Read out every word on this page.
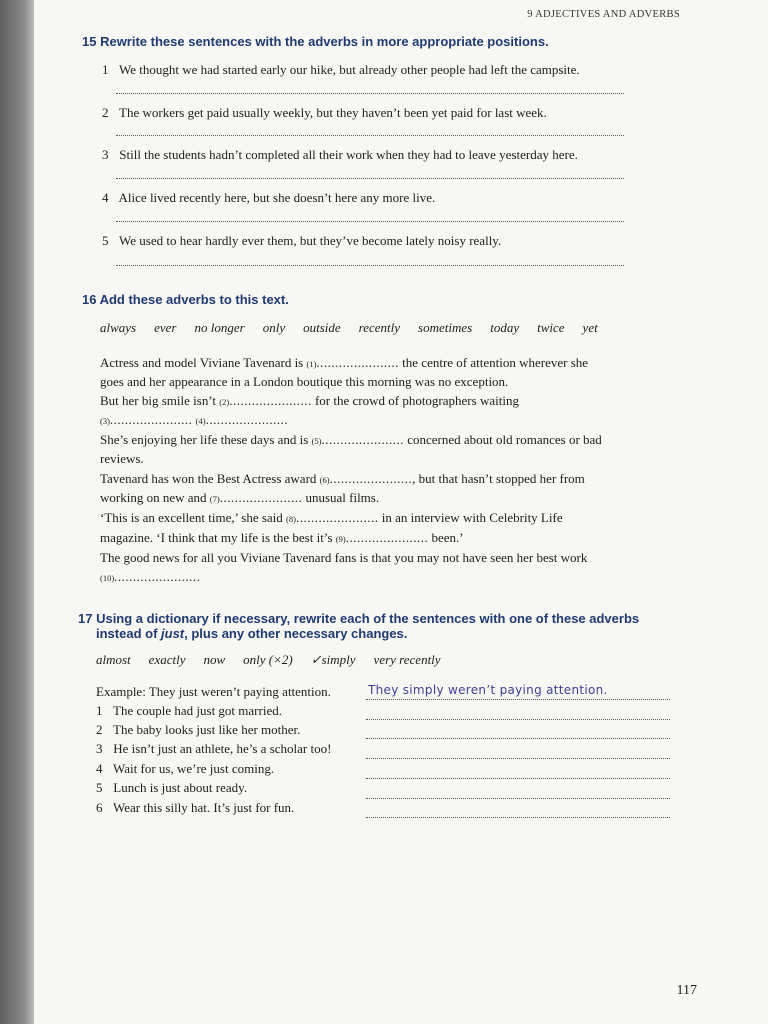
9 ADJECTIVES AND ADVERBS
15 Rewrite these sentences with the adverbs in more appropriate positions.
1 We thought we had started early our hike, but already other people had left the campsite.
2 The workers get paid usually weekly, but they haven’t been yet paid for last week.
3 Still the students hadn’t completed all their work when they had to leave yesterday here.
4 Alice lived recently here, but she doesn’t here any more live.
5 We used to hear hardly ever them, but they’ve become lately noisy really.
16 Add these adverbs to this text.
always ever no longer only outside recently sometimes today twice yet
Actress and model Viviane Tavenard is (1)...................... the centre of attention wherever she
goes and her appearance in a London boutique this morning was no exception.
But her big smile isn’t (2)...................... for the crowd of photographers waiting
(3)...................... (4)......................
She’s enjoying her life these days and is (5)...................... concerned about old romances or bad
reviews.
Tavenard has won the Best Actress award (6)......................, but that hasn’t stopped her from
working on new and (7)...................... unusual films.
‘This is an excellent time,’ she said (8)...................... in an interview with Celebrity Life
magazine. ‘I think that my life is the best it’s (9)...................... been.’
The good news for all you Viviane Tavenard fans is that you may not have seen her best work
(10).......................
17 Using a dictionary if necessary, rewrite each of the sentences with one of these adverbs
instead of just, plus any other necessary changes.
almost exactly now only (×2) ✓simply very recently
Example: They just weren’t paying attention.	They simply weren’t paying attention.
1 The couple had just got married.
2 The baby looks just like her mother.
3 He isn’t just an athlete, he’s a scholar too!
4 Wait for us, we’re just coming.
5 Lunch is just about ready.
6 Wear this silly hat. It’s just for fun.
117
